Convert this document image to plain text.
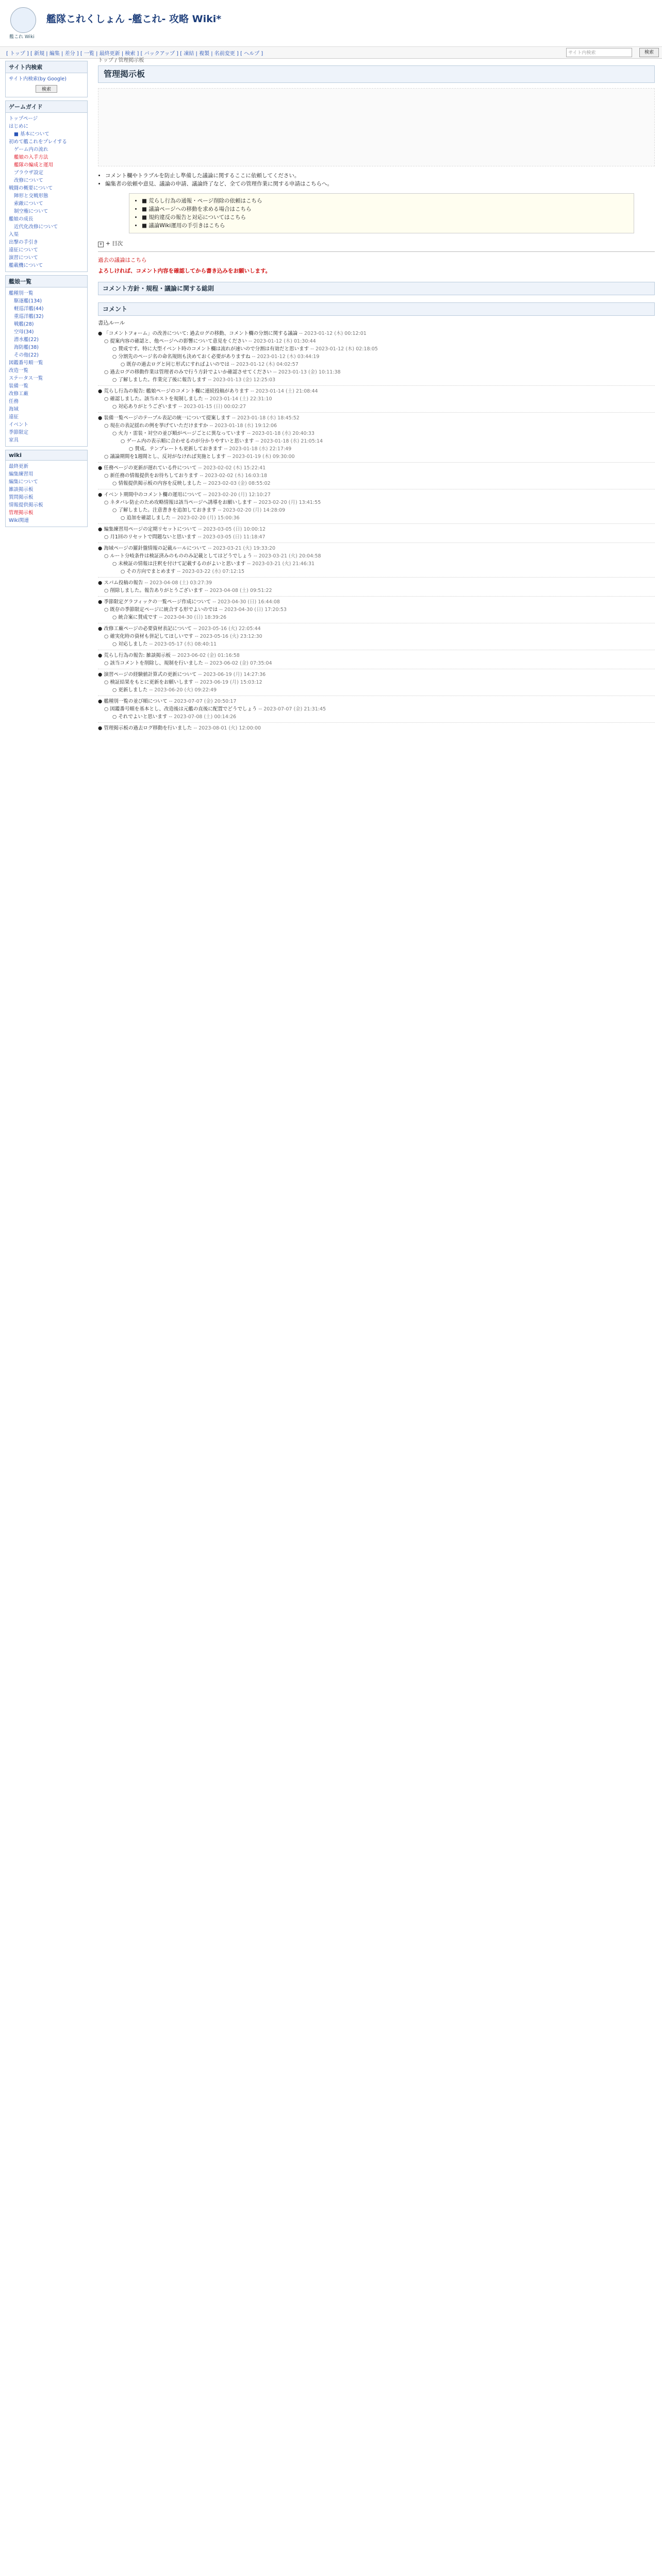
艦これ Wiki
艦隊これくしょん -艦これ- 攻略 Wiki*
[ トップ ] [ 新規 | 編集 | 差分 ] [ 一覧 | 最終更新 | 検索 ] [ バックアップ ] [ 凍結 | 複製 | 名前変更 ] [ ヘルプ ]	サイト内検索	検索
サイト内検索
サイト内検索(by Google)
検索
ゲームガイド
トップページ
はじめに
■ 基本について
初めて艦これをプレイする
ゲーム内の流れ
艦娘の入手方法
艦隊の編成と運用
ブラウザ設定
改修について
戦闘の概要について
陣形と交戦形態
索敵について
制空権について
艦娘の成長
近代化改修について
入渠
出撃の手引き
遠征について
演習について
艦載機について
艦娘一覧
艦種別一覧
駆逐艦(134)
軽巡洋艦(44)
重巡洋艦(32)
戦艦(28)
空母(34)
潜水艦(22)
海防艦(38)
その他(22)
図鑑番号順一覧
改造一覧
ステータス一覧
装備一覧
改修工廠
任務
海域
遠征
イベント
季節限定
家具
wiki
最終更新
編集練習用
編集について
雑談掲示板
質問掲示板
情報提供掲示板
管理掲示板
Wiki関連
トップ / 管理掲示板
管理掲示板
• コメント欄やトラブルを防止し準備した議論に関するここに依頼してください。
• 編集者の依頼や意見、議論の申請、議論終了など、全ての管理作業に関する申請はこちらへ。
• ■ 荒らし行為の通報・ページ削除の依頼はこちら
• ■ 議論ページへの移動を求める場合はこちら
• ■ 規約違反の報告と対応についてはこちら
• ■ 議論Wiki運用の手引きはこちら
+ + 目次
過去の議論はこちら
よろしければ、コメント内容を確認してから書き込みをお願いします。
コメント方針・規程・議論に関する総則
コメント
書込ルール

● 「コメントフォーム」の改善について: 過去ログの移動、コメント欄の分割に関する議論 -- 2023-01-12 (木) 00:12:01

○ 提案内容の確認と、他ページへの影響について意見をください -- 2023-01-12 (木) 01:30:44

○ 賛成です。特に大型イベント時のコメント欄は流れが速いので分割は有効だと思います -- 2023-01-12 (木) 02:18:05

○ 分割先のページ名の命名規則も決めておく必要がありますね -- 2023-01-12 (木) 03:44:19

○ 既存の過去ログと同じ形式にすればよいのでは -- 2023-01-12 (木) 04:02:57

○ 過去ログの移動作業は管理者のみで行う方針でよいか確認させてください -- 2023-01-13 (金) 10:11:38

○ 了解しました。作業完了後に報告します -- 2023-01-13 (金) 12:25:03

● 荒らし行為の報告: 艦娘ページのコメント欄に連続投稿があります -- 2023-01-14 (土) 21:08:44

○ 確認しました。該当ホストを規制しました -- 2023-01-14 (土) 22:31:10

○ 対応ありがとうございます -- 2023-01-15 (日) 00:02:27

● 装備一覧ページのテーブル表記の統一について提案します -- 2023-01-18 (水) 18:45:52

○ 現在の表記揺れの例を挙げていただけますか -- 2023-01-18 (水) 19:12:06

○ 火力・雷装・対空の並び順がページごとに異なっています -- 2023-01-18 (水) 20:40:33

○ ゲーム内の表示順に合わせるのが分かりやすいと思います -- 2023-01-18 (水) 21:05:14

○ 賛成。テンプレートも更新しておきます -- 2023-01-18 (水) 22:17:49

○ 議論期間を1週間とし、反対がなければ実施とします -- 2023-01-19 (木) 09:30:00

● 任務ページの更新が遅れている件について -- 2023-02-02 (木) 15:22:41

○ 新任務の情報提供をお待ちしております -- 2023-02-02 (木) 16:03:18

○ 情報提供掲示板の内容を反映しました -- 2023-02-03 (金) 08:55:02

● イベント期間中のコメント欄の運用について -- 2023-02-20 (月) 12:10:27

○ ネタバレ防止のため攻略情報は該当ページへ誘導をお願いします -- 2023-02-20 (月) 13:41:55

○ 了解しました。注意書きを追加しておきます -- 2023-02-20 (月) 14:28:09

○ 追加を確認しました -- 2023-02-20 (月) 15:00:36

● 編集練習用ページの定期リセットについて -- 2023-03-05 (日) 10:00:12

○ 月1回のリセットで問題ないと思います -- 2023-03-05 (日) 11:18:47

● 海域ページの羅針盤情報の記載ルールについて -- 2023-03-21 (火) 19:33:20

○ ルート分岐条件は検証済みのもののみ記載としてはどうでしょう -- 2023-03-21 (火) 20:04:58

○ 未検証の情報は注釈を付けて記載するのがよいと思います -- 2023-03-21 (火) 21:46:31

○ その方向でまとめます -- 2023-03-22 (水) 07:12:15

● スパム投稿の報告 -- 2023-04-08 (土) 03:27:39

○ 削除しました。報告ありがとうございます -- 2023-04-08 (土) 09:51:22

● 季節限定グラフィックの一覧ページ作成について -- 2023-04-30 (日) 16:44:08

○ 既存の季節限定ページに統合する形でよいのでは -- 2023-04-30 (日) 17:20:53

○ 統合案に賛成です -- 2023-04-30 (日) 18:39:26

● 改修工廠ページの必要資材表記について -- 2023-05-16 (火) 22:05:44

○ 確実化時の資材も併記してほしいです -- 2023-05-16 (火) 23:12:30

○ 対応しました -- 2023-05-17 (水) 08:40:11

● 荒らし行為の報告: 雑談掲示板 -- 2023-06-02 (金) 01:16:58

○ 該当コメントを削除し、規制を行いました -- 2023-06-02 (金) 07:35:04

● 演習ページの経験値計算式の更新について -- 2023-06-19 (月) 14:27:36

○ 検証結果をもとに更新をお願いします -- 2023-06-19 (月) 15:03:12

○ 更新しました -- 2023-06-20 (火) 09:22:49

● 艦種別一覧の並び順について -- 2023-07-07 (金) 20:50:17

○ 図鑑番号順を基本とし、改造後は元艦の直後に配置でどうでしょう -- 2023-07-07 (金) 21:31:45

○ それでよいと思います -- 2023-07-08 (土) 00:14:26

● 管理掲示板の過去ログ移動を行いました -- 2023-08-01 (火) 12:00:00
